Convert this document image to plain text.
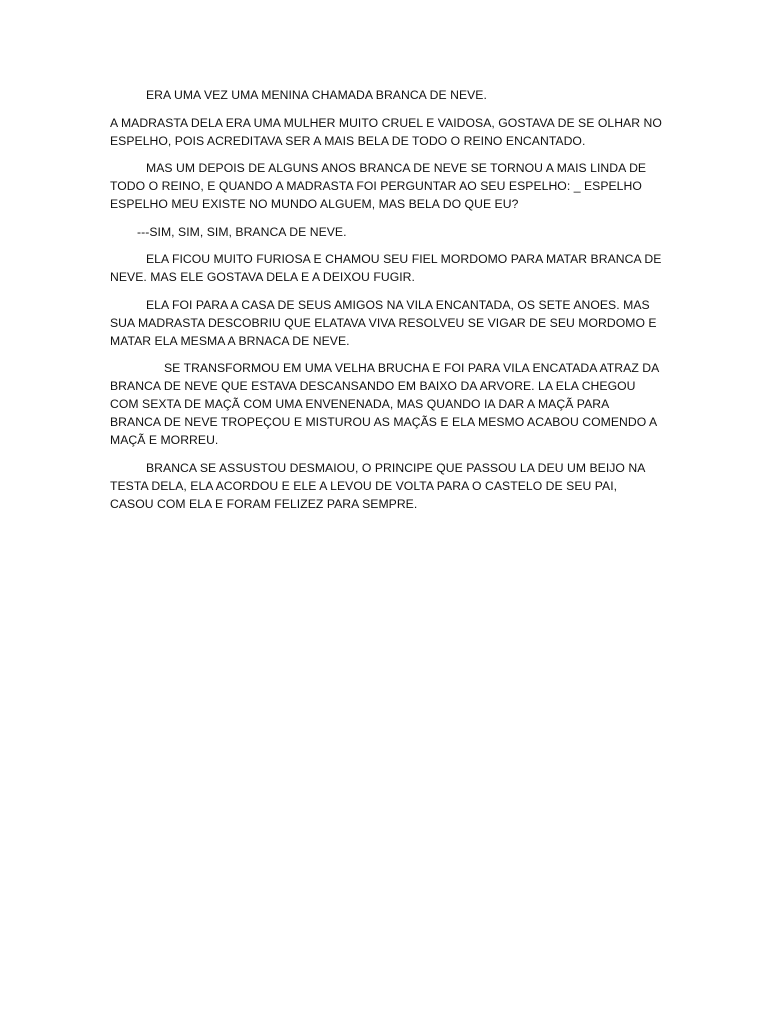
ERA UMA VEZ UMA MENINA CHAMADA BRANCA DE NEVE.

A MADRASTA DELA ERA UMA MULHER MUITO CRUEL E VAIDOSA, GOSTAVA DE SE OLHAR NO ESPELHO, POIS ACREDITAVA SER A MAIS BELA DE TODO O REINO ENCANTADO.

MAS UM DEPOIS DE ALGUNS ANOS BRANCA DE NEVE SE TORNOU A MAIS LINDA DE TODO O REINO, E QUANDO A MADRASTA FOI PERGUNTAR AO SEU ESPELHO: _ ESPELHO ESPELHO MEU EXISTE NO MUNDO ALGUEM, MAS BELA DO QUE EU?

---SIM, SIM, SIM, BRANCA DE NEVE.

ELA FICOU MUITO FURIOSA E CHAMOU SEU FIEL MORDOMO PARA MATAR BRANCA DE NEVE. MAS ELE GOSTAVA DELA E A DEIXOU FUGIR.

ELA FOI PARA A CASA DE SEUS AMIGOS NA VILA ENCANTADA, OS SETE ANOES. MAS SUA MADRASTA DESCOBRIU QUE ELATAVA VIVA RESOLVEU SE VIGAR DE SEU MORDOMO E MATAR ELA MESMA A BRNACA DE NEVE.

SE TRANSFORMOU EM UMA VELHA BRUCHA E FOI PARA VILA ENCATADA ATRAZ DA BRANCA DE NEVE QUE ESTAVA DESCANSANDO EM BAIXO DA ARVORE. LA ELA CHEGOU COM SEXTA DE MAÇÃ COM UMA ENVENENADA, MAS QUANDO IA DAR A MAÇÃ PARA BRANCA DE NEVE TROPEÇOU E MISTUROU AS MAÇÃS E ELA MESMO ACABOU COMENDO A MAÇÃ E MORREU.

BRANCA SE ASSUSTOU DESMAIOU, O PRINCIPE QUE PASSOU LA DEU UM BEIJO NA TESTA DELA, ELA ACORDOU E ELE A LEVOU DE VOLTA PARA O CASTELO DE SEU PAI, CASOU COM ELA E FORAM FELIZEZ PARA SEMPRE.
